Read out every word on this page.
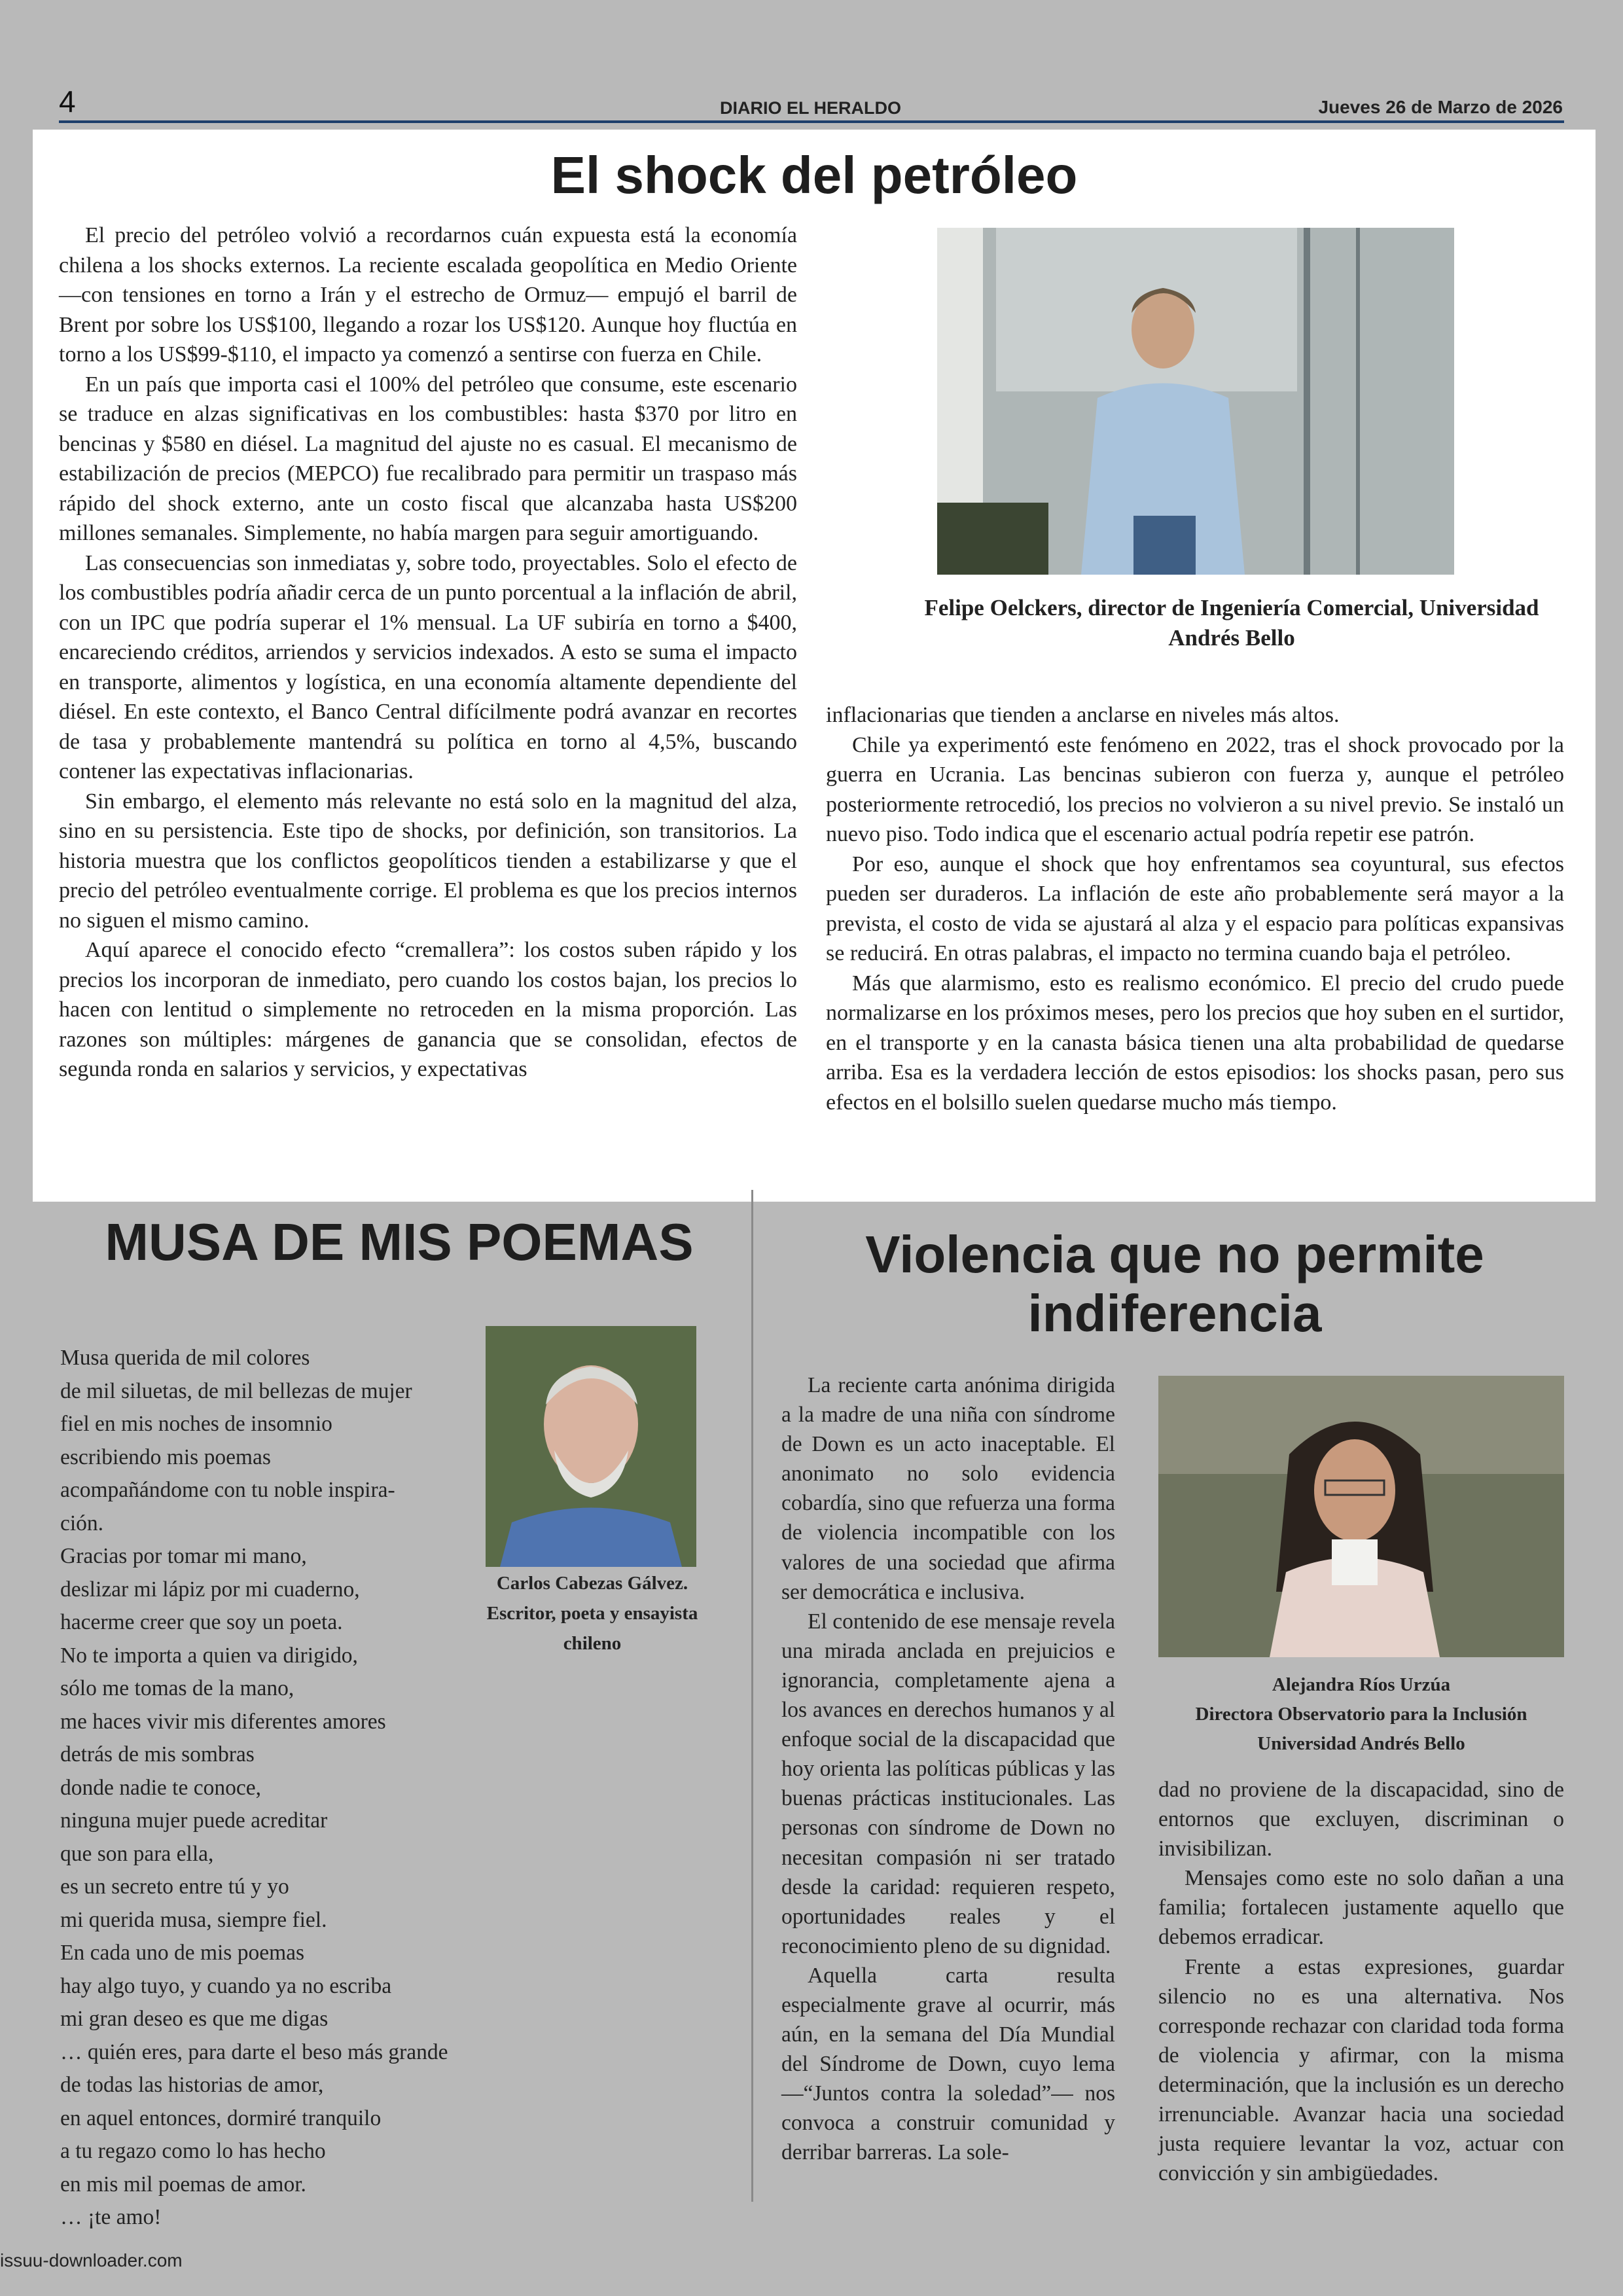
4	DIARIO EL HERALDO	Jueves 26 de Marzo de 2026
El shock del petróleo

El precio del petróleo volvió a recordarnos cuán expuesta está la economía chilena a los shocks externos. La reciente escalada geopolítica en Medio Oriente —con tensiones en torno a Irán y el estrecho de Ormuz— empujó el barril de Brent por sobre los US$100, llegando a rozar los US$120. Aunque hoy fluctúa en torno a los US$99-$110, el impacto ya comenzó a sentirse con fuerza en Chile.

En un país que importa casi el 100% del petróleo que consume, este escenario se traduce en alzas significativas en los combustibles: hasta $370 por litro en bencinas y $580 en diésel. La magnitud del ajuste no es casual. El mecanismo de estabilización de precios (MEPCO) fue recalibrado para permitir un traspaso más rápido del shock externo, ante un costo fiscal que alcanzaba hasta US$200 millones semanales. Simplemente, no había margen para seguir amortiguando.

Las consecuencias son inmediatas y, sobre todo, proyectables. Solo el efecto de los combustibles podría añadir cerca de un punto porcentual a la inflación de abril, con un IPC que podría superar el 1% mensual. La UF subiría en torno a $400, encareciendo créditos, arriendos y servicios indexados. A esto se suma el impacto en transporte, alimentos y logística, en una economía altamente dependiente del diésel. En este contexto, el Banco Central difícilmente podrá avanzar en recortes de tasa y probablemente mantendrá su política en torno al 4,5%, buscando contener las expectativas inflacionarias.

Sin embargo, el elemento más relevante no está solo en la magnitud del alza, sino en su persistencia. Este tipo de shocks, por definición, son transitorios. La historia muestra que los conflictos geopolíticos tienden a estabilizarse y que el precio del petróleo eventualmente corrige. El problema es que los precios internos no siguen el mismo camino.

Aquí aparece el conocido efecto “cremallera”: los costos suben rápido y los precios los incorporan de inmediato, pero cuando los costos bajan, los precios lo hacen con lentitud o simplemente no retroceden en la misma proporción. Las razones son múltiples: márgenes de ganancia que se consolidan, efectos de segunda ronda en salarios y servicios, y expectativas

Felipe Oelckers, director de Ingeniería Comercial, Universidad Andrés Bello

inflacionarias que tienden a anclarse en niveles más altos.

Chile ya experimentó este fenómeno en 2022, tras el shock provocado por la guerra en Ucrania. Las bencinas subieron con fuerza y, aunque el petróleo posteriormente retrocedió, los precios no volvieron a su nivel previo. Se instaló un nuevo piso. Todo indica que el escenario actual podría repetir ese patrón.

Por eso, aunque el shock que hoy enfrentamos sea coyuntural, sus efectos pueden ser duraderos. La inflación de este año probablemente será mayor a la prevista, el costo de vida se ajustará al alza y el espacio para políticas expansivas se reducirá. En otras palabras, el impacto no termina cuando baja el petróleo.

Más que alarmismo, esto es realismo económico. El precio del crudo puede normalizarse en los próximos meses, pero los precios que hoy suben en el surtidor, en el transporte y en la canasta básica tienen una alta probabilidad de quedarse arriba. Esa es la verdadera lección de estos episodios: los shocks pasan, pero sus efectos en el bolsillo suelen quedarse mucho más tiempo.

MUSA DE MIS POEMAS
Musa querida de mil colores
de mil siluetas, de mil bellezas de mujer
fiel en mis noches de insomnio
escribiendo mis poemas
acompañándome con tu noble inspira-
ción.
Gracias por tomar mi mano,
deslizar mi lápiz por mi cuaderno,
hacerme creer que soy un poeta.
No te importa a quien va dirigido,
sólo me tomas de la mano,
me haces vivir mis diferentes amores
detrás de mis sombras
donde nadie te conoce,
ninguna mujer puede acreditar
que son para ella,
es un secreto entre tú y yo
mi querida musa, siempre fiel.
En cada uno de mis poemas
hay algo tuyo, y cuando ya no escriba
mi gran deseo es que me digas
… quién eres, para darte el beso más grande
de todas las historias de amor,
en aquel entonces, dormiré tranquilo
a tu regazo como lo has hecho
en mis mil poemas de amor.
… ¡te amo!
Carlos Cabezas Gálvez.
Escritor, poeta y ensayista
chileno
Violencia que no permite indiferencia

La reciente carta anónima dirigida a la madre de una niña con síndrome de Down es un acto inaceptable. El anonimato no solo evidencia cobardía, sino que refuerza una forma de violencia incompatible con los valores de una sociedad que afirma ser democrática e inclusiva.

El contenido de ese mensaje revela una mirada anclada en prejuicios e ignorancia, completamente ajena a los avances en derechos humanos y al enfoque social de la discapacidad que hoy orienta las políticas públicas y las buenas prácticas institucionales. Las personas con síndrome de Down no necesitan compasión ni ser tratado desde la caridad: requieren respeto, oportunidades reales y el reconocimiento pleno de su dignidad.

Aquella carta resulta especialmente grave al ocurrir, más aún, en la semana del Día Mundial del Síndrome de Down, cuyo lema —“Juntos contra la soledad”— nos convoca a construir comunidad y derribar barreras. La sole-

Alejandra Ríos Urzúa
Directora Observatorio para la Inclusión
Universidad Andrés Bello

dad no proviene de la discapacidad, sino de entornos que excluyen, discriminan o invisibilizan.

Mensajes como este no solo dañan a una familia; fortalecen justamente aquello que debemos erradicar.

Frente a estas expresiones, guardar silencio no es una alternativa. Nos corresponde rechazar con claridad toda forma de violencia y afirmar, con la misma determinación, que la inclusión es un derecho irrenunciable. Avanzar hacia una sociedad justa requiere levantar la voz, actuar con convicción y sin ambigüedades.

issuu-downloader.com
